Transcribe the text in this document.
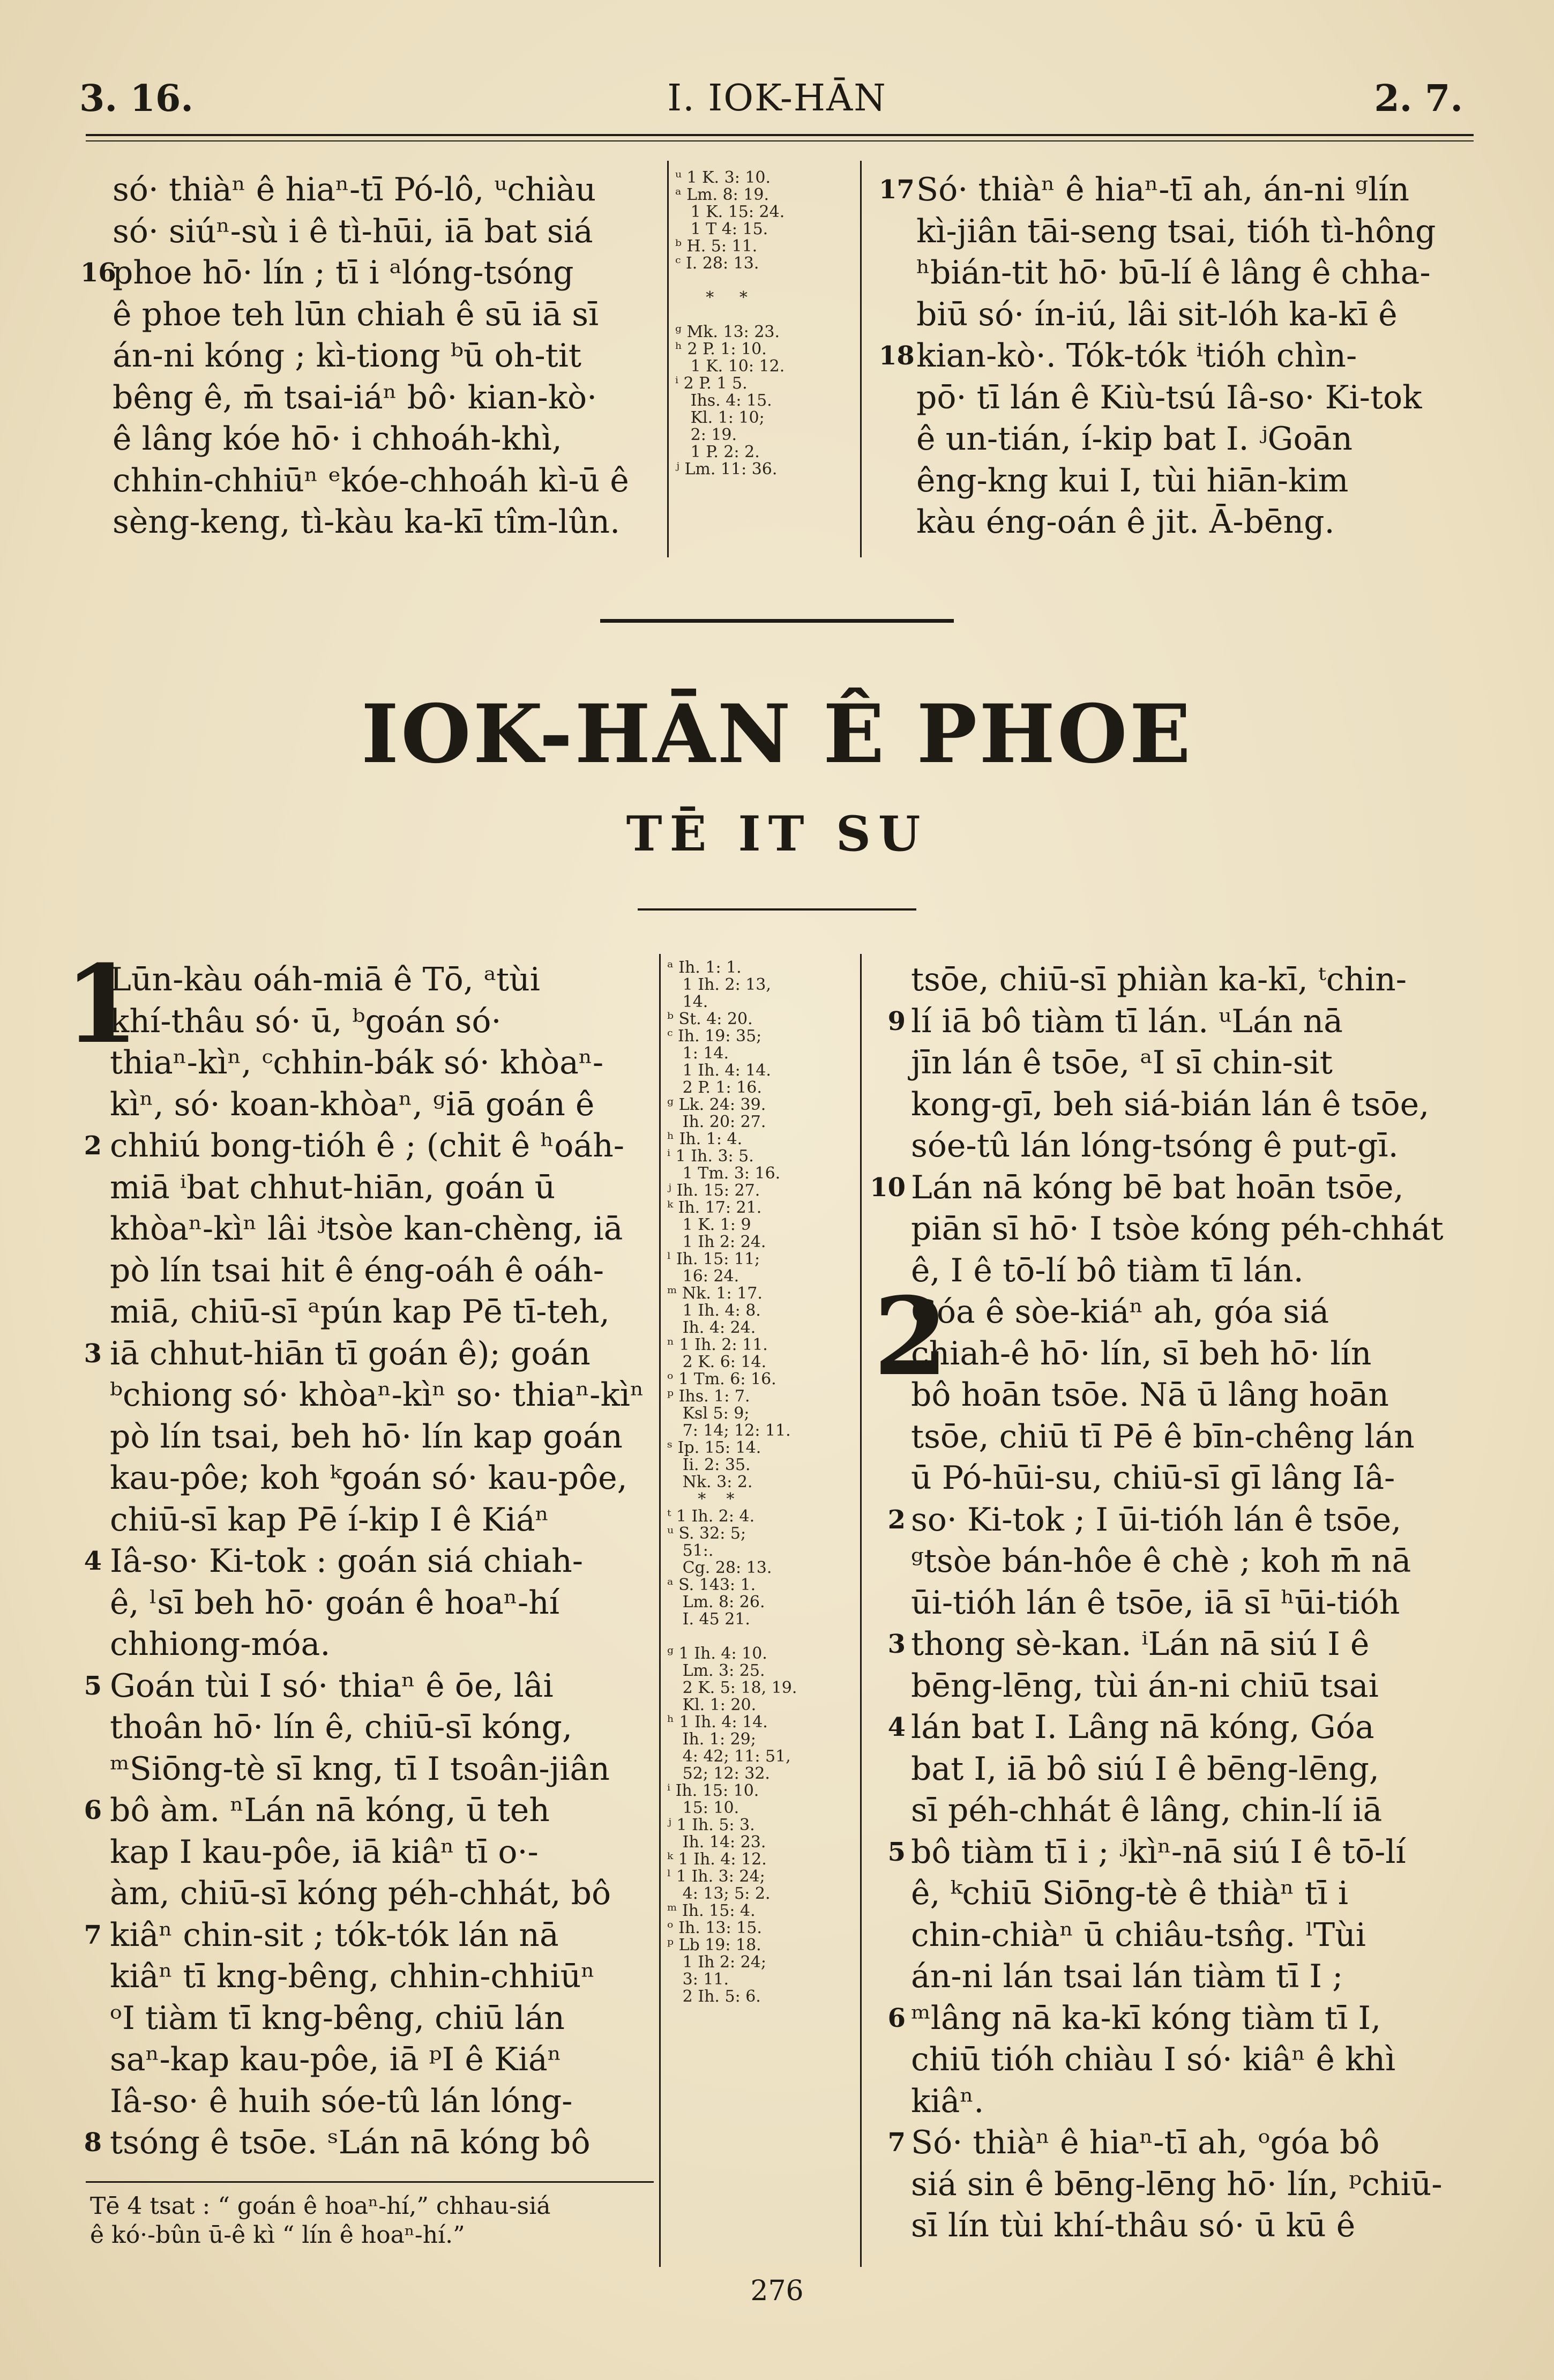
3. 16.	I. IOK-HĀN	2. 7.
só· thiàⁿ ê hiaⁿ-tī Pó-lô, ᵘchiàu
só· siúⁿ-sù i ê tì-hūi, iā bat siá
phoe hō· lín ; tī i ᵃlóng-tsóng
ê phoe teh lūn chiah ê sū iā sī
án-ni kóng ; kì-tiong ᵇū oh-tit
bêng ê, m̄ tsai-iáⁿ bô· kian-kò·
ê lâng kóe hō· i chhoáh-khì,
chhin-chhiūⁿ ᵉkóe-chhoáh kì-ū ê
sèng-keng, tì-kàu ka-kī tîm-lûn.
16
ᵘ 1 K. 3: 10.
ᵃ Lm. 8: 19.
1 K. 15: 24.
1 T 4: 15.
ᵇ H. 5: 11.
ᶜ I. 28: 13.

*     *

ᵍ Mk. 13: 23.
ʰ 2 P. 1: 10.
1 K. 10: 12.
ⁱ 2 P. 1 5.
Ihs. 4: 15.
Kl. 1: 10;
2: 19.
1 P. 2: 2.
ʲ Lm. 11: 36.
17
18
Só· thiàⁿ ê hiaⁿ-tī ah, án-ni ᵍlín
kì-jiân tāi-seng tsai, tióh tì-hông
ʰbián-tit hō· bū-lí ê lâng ê chha-
biū só· ín-iú, lâi sit-lóh ka-kī ê
kian-kò·. Tók-tók ⁱtióh chìn-
pō· tī lán ê Kiù-tsú Iâ-so· Ki-tok
ê un-tián, í-kip bat I. ʲGoān
êng-kng kui I, tùi hiān-kim
kàu éng-oán ê jit. Ā-bēng.
IOK-HĀN Ê PHOE
TĒ IT SU
1
Lūn-kàu oáh-miā ê Tō, ᵃtùi
khí-thâu só· ū, ᵇgoán só·
thiaⁿ-kìⁿ, ᶜchhin-bák só· khòaⁿ-
kìⁿ, só· koan-khòaⁿ, ᵍiā goán ê
chhiú bong-tióh ê ; (chit ê ʰoáh-
miā ⁱbat chhut-hiān, goán ū
khòaⁿ-kìⁿ lâi ʲtsòe kan-chèng, iā
pò lín tsai hit ê éng-oáh ê oáh-
miā, chiū-sī ᵃpún kap Pē tī-teh,
iā chhut-hiān tī goán ê); goán
ᵇchiong só· khòaⁿ-kìⁿ so· thiaⁿ-kìⁿ
pò lín tsai, beh hō· lín kap goán
kau-pôe; koh ᵏgoán só· kau-pôe,
chiū-sī kap Pē í-kip I ê Kiáⁿ
Iâ-so· Ki-tok : goán siá chiah-
ê, ˡsī beh hō· goán ê hoaⁿ-hí
chhiong-móa.
Goán tùi I só· thiaⁿ ê ōe, lâi
thoân hō· lín ê, chiū-sī kóng,
ᵐSiōng-tè sī kng, tī I tsoân-jiân
bô àm. ⁿLán nā kóng, ū teh
kap I kau-pôe, iā kiâⁿ tī o·-
àm, chiū-sī kóng péh-chhát, bô
kiâⁿ chin-sit ; tók-tók lán nā
kiâⁿ tī kng-bêng, chhin-chhiūⁿ
ᵒI tiàm tī kng-bêng, chiū lán
saⁿ-kap kau-pôe, iā ᵖI ê Kiáⁿ
Iâ-so· ê huih sóe-tû lán lóng-
tsóng ê tsōe. ˢLán nā kóng bô
2
3
4
5
6
7
8
ᵃ Ih. 1: 1.
1 Ih. 2: 13,
14.
ᵇ St. 4: 20.
ᶜ Ih. 19: 35;
1: 14.
1 Ih. 4: 14.
2 P. 1: 16.
ᵍ Lk. 24: 39.
Ih. 20: 27.
ʰ Ih. 1: 4.
ⁱ 1 Ih. 3: 5.
1 Tm. 3: 16.
ʲ Ih. 15: 27.
ᵏ Ih. 17: 21.
1 K. 1: 9
1 Ih 2: 24.
ˡ Ih. 15: 11;
16: 24.
ᵐ Nk. 1: 17.
1 Ih. 4: 8.
Ih. 4: 24.
ⁿ 1 Ih. 2: 11.
2 K. 6: 14.
ᵒ 1 Tm. 6: 16.
ᵖ Ihs. 1: 7.
Ksl 5: 9;
7: 14; 12: 11.
ˢ Ip. 15: 14.
Ii. 2: 35.
Nk. 3: 2.
*    *
ᵗ 1 Ih. 2: 4.
ᵘ S. 32: 5;
51:.
Cg. 28: 13.
ᵃ S. 143: 1.
Lm. 8: 26.
I. 45 21.

ᵍ 1 Ih. 4: 10.
Lm. 3: 25.
2 K. 5: 18, 19.
Kl. 1: 20.
ʰ 1 Ih. 4: 14.
Ih. 1: 29;
4: 42; 11: 51,
52; 12: 32.
ⁱ Ih. 15: 10.
15: 10.
ʲ 1 Ih. 5: 3.
Ih. 14: 23.
ᵏ 1 Ih. 4: 12.
ˡ 1 Ih. 3: 24;
4: 13; 5: 2.
ᵐ Ih. 15: 4.
ᵒ Ih. 13: 15.
ᵖ Lb 19: 18.
1 Ih 2: 24;
3: 11.
2 Ih. 5: 6.
tsōe, chiū-sī phiàn ka-kī, ᵗchin-
lí iā bô tiàm tī lán. ᵘLán nā
jīn lán ê tsōe, ᵃI sī chin-sit
kong-gī, beh siá-bián lán ê tsōe,
sóe-tû lán lóng-tsóng ê put-gī.
Lán nā kóng bē bat hoān tsōe,
piān sī hō· I tsòe kóng péh-chhát
ê, I ê tō-lí bô tiàm tī lán.
Góa ê sòe-kiáⁿ ah, góa siá
chiah-ê hō· lín, sī beh hō· lín
bô hoān tsōe. Nā ū lâng hoān
tsōe, chiū tī Pē ê bīn-chêng lán
ū Pó-hūi-su, chiū-sī gī lâng Iâ-
so· Ki-tok ; I ūi-tióh lán ê tsōe,
ᵍtsòe bán-hôe ê chè ; koh m̄ nā
ūi-tióh lán ê tsōe, iā sī ʰūi-tióh
thong sè-kan. ⁱLán nā siú I ê
bēng-lēng, tùi án-ni chiū tsai
lán bat I. Lâng nā kóng, Góa
bat I, iā bô siú I ê bēng-lēng,
sī péh-chhát ê lâng, chin-lí iā
bô tiàm tī i ; ʲkìⁿ-nā siú I ê tō-lí
ê, ᵏchiū Siōng-tè ê thiàⁿ tī i
chin-chiàⁿ ū chiâu-tsn̂g. ˡTùi
án-ni lán tsai lán tiàm tī I ;
ᵐlâng nā ka-kī kóng tiàm tī I,
chiū tióh chiàu I só· kiâⁿ ê khì
kiâⁿ.
Só· thiàⁿ ê hiaⁿ-tī ah, ᵒgóa bô
siá sin ê bēng-lēng hō· lín, ᵖchiū-
sī lín tùi khí-thâu só· ū kū ê
9
10
2
2
3
4
5
6
7
Tē 4 tsat : “ goán ê hoaⁿ-hí,” chhau-siá
ê kó·-bûn ū-ê kì “ lín ê hoaⁿ-hí.”
276
